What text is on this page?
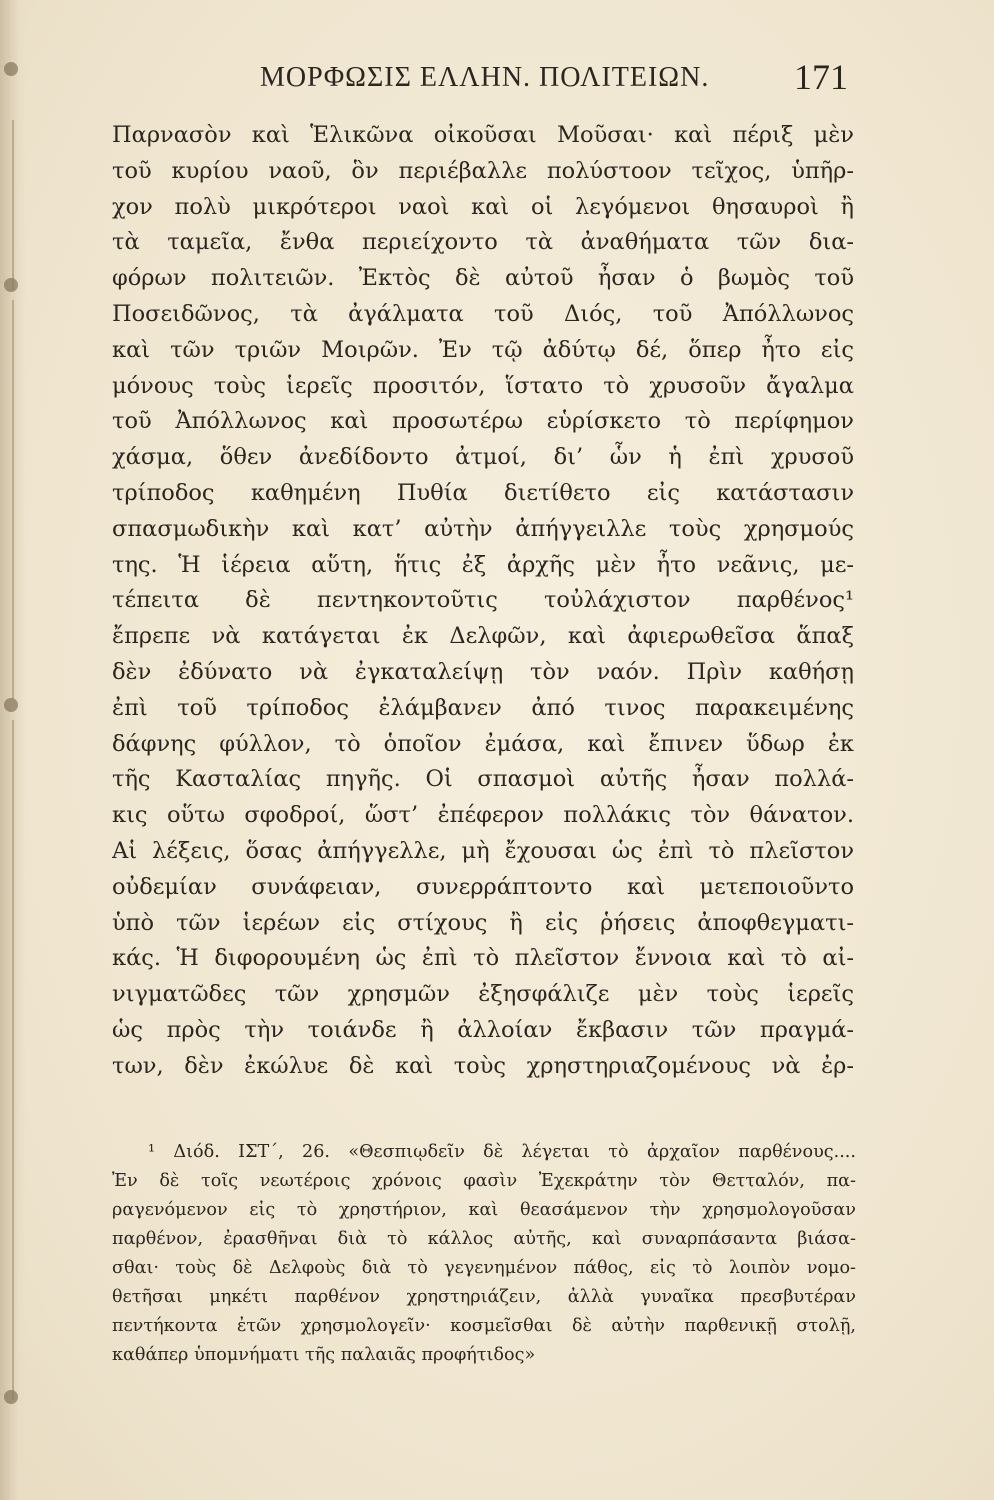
ΜΟΡΦΩΣΙΣ ΕΛΛΗΝ. ΠΟΛΙΤΕΙΩΝ. 171
Παρνασὸν καὶ Ἑλικῶνα οἰκοῦσαι Μοῦσαι· καὶ πέριξ μὲν
τοῦ κυρίου ναοῦ, ὃν περιέβαλλε πολύστοον τεῖχος, ὑπῆρ-
χον πολὺ μικρότεροι ναοὶ καὶ οἱ λεγόμενοι θησαυροὶ ἢ
τὰ ταμεῖα, ἔνθα περιείχοντο τὰ ἀναθήματα τῶν δια-
φόρων πολιτειῶν. Ἐκτὸς δὲ αὐτοῦ ἦσαν ὁ βωμὸς τοῦ
Ποσειδῶνος, τὰ ἀγάλματα τοῦ Διός, τοῦ Ἀπόλλωνος
καὶ τῶν τριῶν Μοιρῶν. Ἐν τῷ ἀδύτῳ δέ, ὅπερ ἦτο εἰς
μόνους τοὺς ἱερεῖς προσιτόν, ἵστατο τὸ χρυσοῦν ἄγαλμα
τοῦ Ἀπόλλωνος καὶ προσωτέρω εὑρίσκετο τὸ περίφημον
χάσμα, ὅθεν ἀνεδίδοντο ἀτμοί, δι’ ὧν ἡ ἐπὶ χρυσοῦ
τρίποδος καθημένη Πυθία διετίθετο εἰς κατάστασιν
σπασμωδικὴν καὶ κατ’ αὐτὴν ἀπήγγειλλε τοὺς χρησμούς
της. Ἡ ἱέρεια αὕτη, ἥτις ἐξ ἀρχῆς μὲν ἦτο νεᾶνις, με-
τέπειτα δὲ πεντηκοντοῦτις τοὐλάχιστον παρθένος¹
ἔπρεπε νὰ κατάγεται ἐκ Δελφῶν, καὶ ἀφιερωθεῖσα ἅπαξ
δὲν ἐδύνατο νὰ ἐγκαταλείψῃ τὸν ναόν. Πρὶν καθήσῃ
ἐπὶ τοῦ τρίποδος ἐλάμβανεν ἀπό τινος παρακειμένης
δάφνης φύλλον, τὸ ὁποῖον ἐμάσα, καὶ ἔπινεν ὕδωρ ἐκ
τῆς Κασταλίας πηγῆς. Οἱ σπασμοὶ αὐτῆς ἦσαν πολλά-
κις οὕτω σφοδροί, ὥστ’ ἐπέφερον πολλάκις τὸν θάνατον.
Αἱ λέξεις, ὅσας ἀπήγγελλε, μὴ ἔχουσαι ὡς ἐπὶ τὸ πλεῖστον
οὐδεμίαν συνάφειαν, συνερράπτοντο καὶ μετεποιοῦντο
ὑπὸ τῶν ἱερέων εἰς στίχους ἢ εἰς ῥήσεις ἀποφθεγματι-
κάς. Ἡ διφορουμένη ὡς ἐπὶ τὸ πλεῖστον ἔννοια καὶ τὸ αἰ-
νιγματῶδες τῶν χρησμῶν ἐξησφάλιζε μὲν τοὺς ἱερεῖς
ὡς πρὸς τὴν τοιάνδε ἢ ἀλλοίαν ἔκβασιν τῶν πραγμά-
των, δὲν ἐκώλυε δὲ καὶ τοὺς χρηστηριαζομένους νὰ ἐρ-
¹ Διόδ. ΙΣΤ΄, 26. «Θεσπιῳδεῖν δὲ λέγεται τὸ ἀρχαῖον παρθένους....
Ἐν δὲ τοῖς νεωτέροις χρόνοις φασὶν Ἐχεκράτην τὸν Θετταλόν, πα-
ραγενόμενον εἰς τὸ χρηστήριον, καὶ θεασάμενον τὴν χρησμολογοῦσαν
παρθένον, ἐρασθῆναι διὰ τὸ κάλλος αὐτῆς, καὶ συναρπάσαντα βιάσα-
σθαι· τοὺς δὲ Δελφοὺς διὰ τὸ γεγενημένον πάθος, εἰς τὸ λοιπὸν νομο-
θετῆσαι μηκέτι παρθένον χρηστηριάζειν, ἀλλὰ γυναῖκα πρεσβυτέραν
πεντήκοντα ἐτῶν χρησμολογεῖν· κοσμεῖσθαι δὲ αὐτὴν παρθενικῇ στολῇ,
καθάπερ ὑπομνήματι τῆς παλαιᾶς προφήτιδος»
